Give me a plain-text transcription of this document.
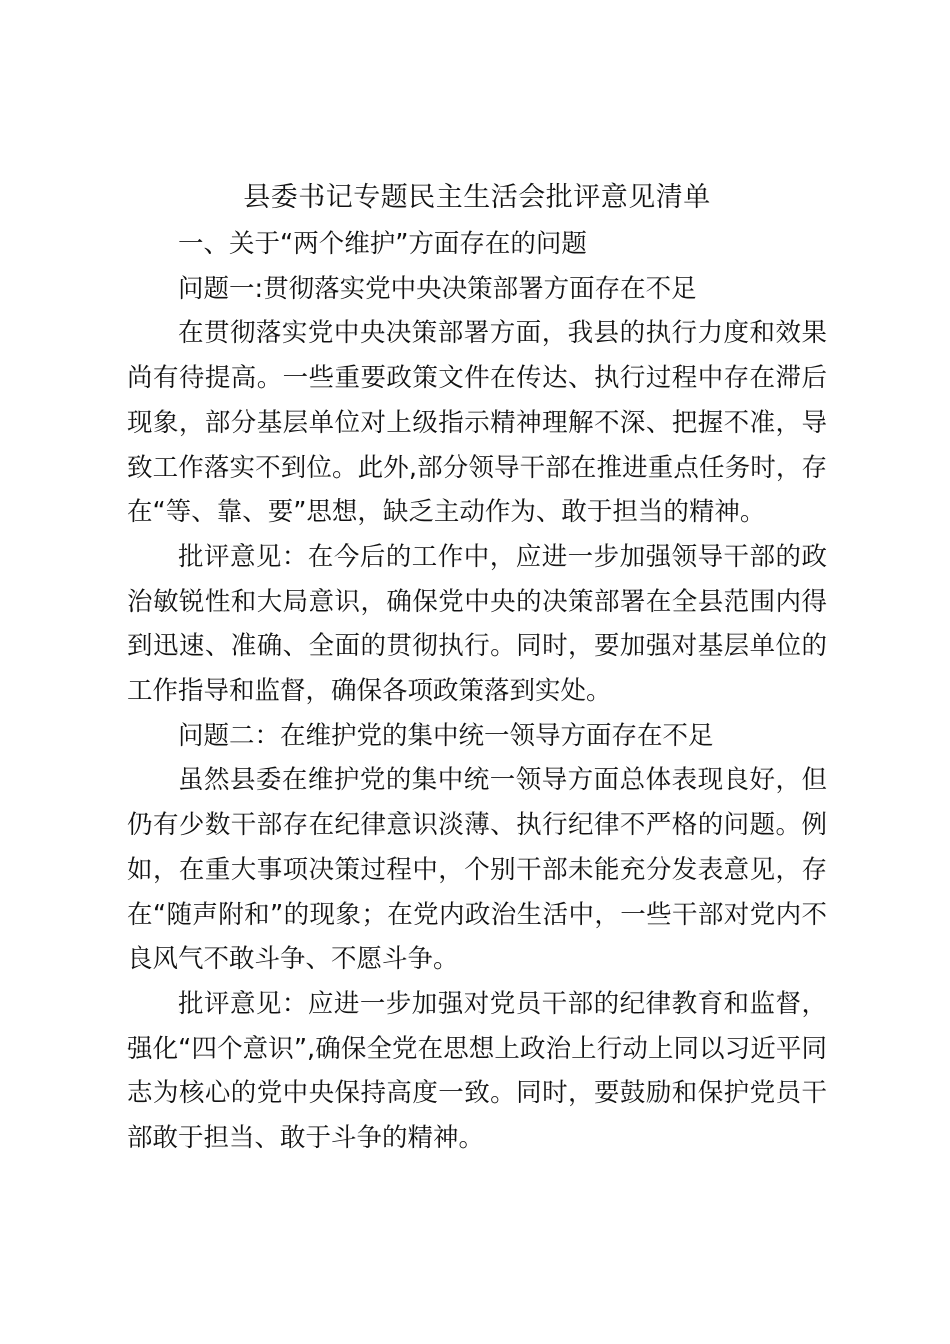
县委书记专题民主生活会批评意见清单

一、关于“两个维护”方面存在的问题

问题一:贯彻落实党中央决策部署方面存在不足

在贯彻落实党中央决策部署方面，我县的执行力度和效果尚有待提高。一些重要政策文件在传达、执行过程中存在滞后现象，部分基层单位对上级指示精神理解不深、把握不准，导致工作落实不到位。此外,部分领导干部在推进重点任务时，存在“等、靠、要”思想，缺乏主动作为、敢于担当的精神。

批评意见：在今后的工作中，应进一步加强领导干部的政治敏锐性和大局意识，确保党中央的决策部署在全县范围内得到迅速、准确、全面的贯彻执行。同时，要加强对基层单位的工作指导和监督，确保各项政策落到实处。

问题二：在维护党的集中统一领导方面存在不足

虽然县委在维护党的集中统一领导方面总体表现良好，但仍有少数干部存在纪律意识淡薄、执行纪律不严格的问题。例如，在重大事项决策过程中，个别干部未能充分发表意见，存在“随声附和”的现象；在党内政治生活中，一些干部对党内不良风气不敢斗争、不愿斗争。

批评意见：应进一步加强对党员干部的纪律教育和监督，强化“四个意识”,确保全党在思想上政治上行动上同以习近平同志为核心的党中央保持高度一致。同时，要鼓励和保护党员干部敢于担当、敢于斗争的精神。
